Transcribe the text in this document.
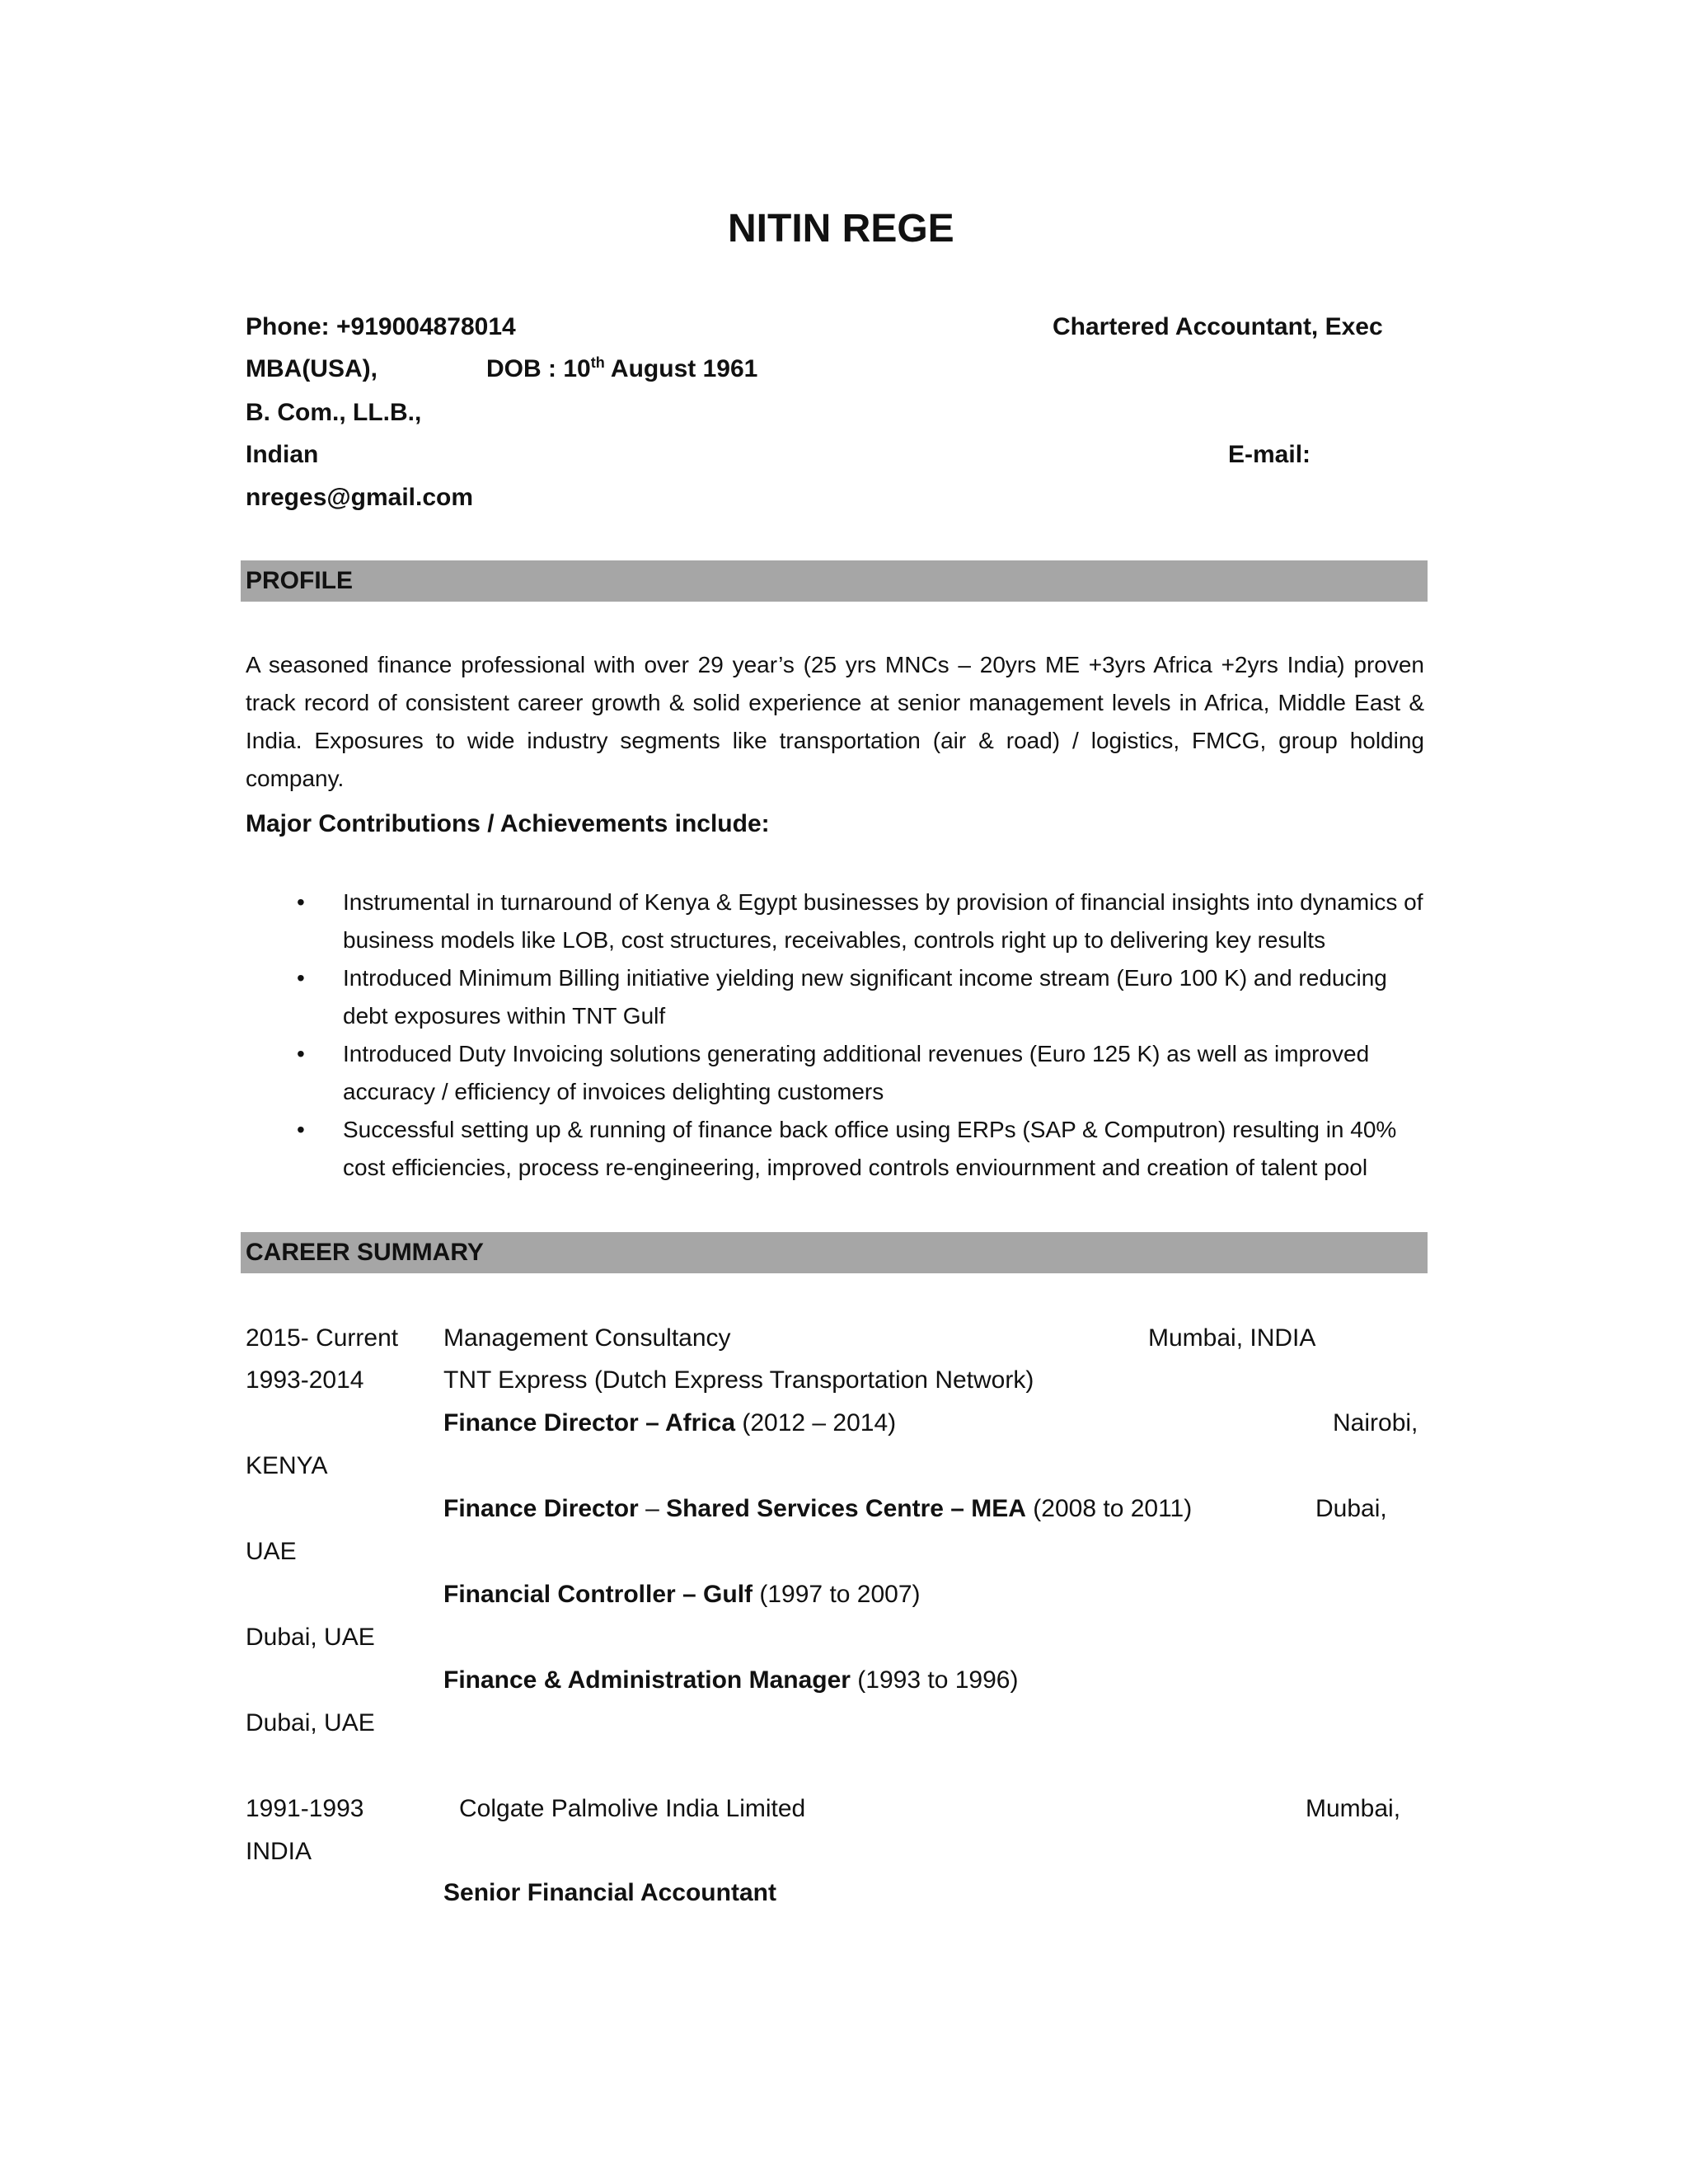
NITIN REGE
Phone: +919004878014	Chartered Accountant, Exec
MBA(USA),	DOB : 10th August 1961
B. Com., LL.B.,
Indian	E-mail:
nreges@gmail.com
PROFILE
A seasoned finance professional with over 29 year’s (25 yrs MNCs – 20yrs ME +3yrs Africa +2yrs India) proven track record of consistent career growth & solid experience at senior management levels in Africa, Middle East & India. Exposures to wide industry segments like transportation (air & road) / logistics, FMCG, group holding company.
Major Contributions / Achievements include:
• Instrumental in turnaround of Kenya & Egypt businesses by provision of financial insights into dynamics of business models like LOB, cost structures, receivables, controls right up to delivering key results
• Introduced Minimum Billing initiative yielding new significant income stream (Euro 100 K) and reducing debt exposures within TNT Gulf
• Introduced Duty Invoicing solutions generating additional revenues (Euro 125 K) as well as improved accuracy / efficiency of invoices delighting customers
• Successful setting up & running of finance back office using ERPs (SAP & Computron) resulting in 40% cost efficiencies, process re-engineering, improved controls enviournment and creation of talent pool
CAREER SUMMARY
2015- Current Management Consultancy	Mumbai, INDIA
1993-2014	TNT Express (Dutch Express Transportation Network)
Finance Director – Africa (2012 – 2014)	Nairobi,
KENYA
Finance Director – Shared Services Centre – MEA (2008 to 2011)	Dubai,
UAE
Financial Controller – Gulf (1997 to 2007)
Dubai, UAE
Finance & Administration Manager (1993 to 1996)
Dubai, UAE
1991-1993	Colgate Palmolive India Limited	Mumbai,
INDIA
Senior Financial Accountant
